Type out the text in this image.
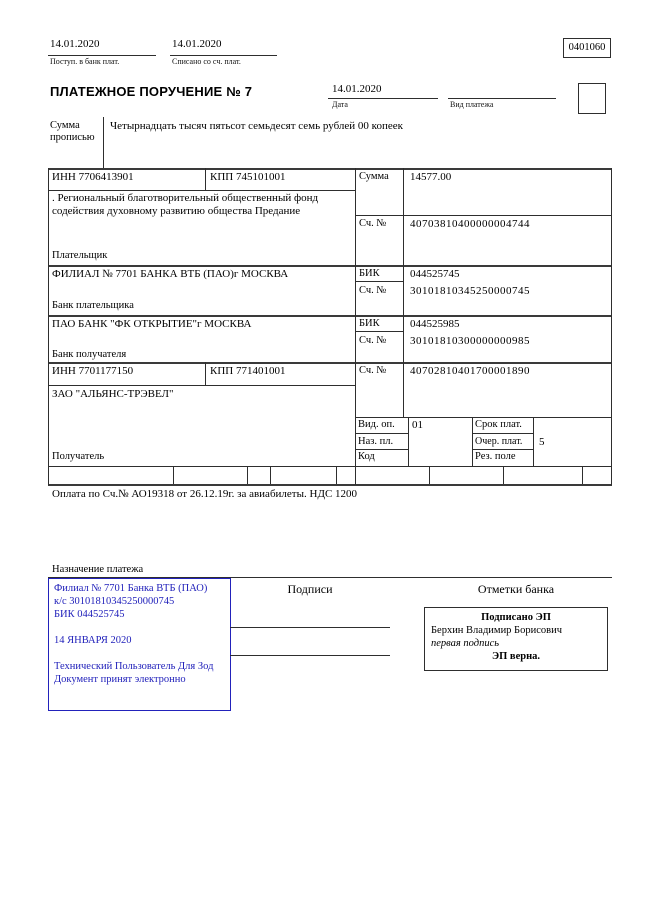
14.01.2020
Поступ. в банк плат.
14.01.2020
Списано со сч. плат.
0401060
ПЛАТЕЖНОЕ ПОРУЧЕНИЕ № 7	14.01.2020
Дата	Вид платежа
Сумма прописью
Четырнадцать тысяч пятьсот семьдесят семь рублей 00 копеек
ИНН 7706413901	КПП 745101001
. Региональный благотворительный общественный фонд содействия духовному развитию общества Предание
Плательщик
Сумма 14577.00
Сч. № 40703810400000004744
ФИЛИАЛ № 7701 БАНКА ВТБ (ПАО)г МОСКВА	БИК	044525745
Сч. № 30101810345250000745
Банк плательщика
ПАО БАНК "ФК ОТКРЫТИЕ"г МОСКВА	БИК	044525985
Сч. № 30101810300000000985
Банк получателя
ИНН 7701177150	КПП 771401001	Сч. № 40702810401700001890
ЗАО "АЛЬЯНС-ТРЭВЕЛ"
Получатель
Вид. оп. 01	Срок плат.
Наз. пл.	Очер. плат. 5
Код	Рез. поле
Оплата по Сч.№ АО19318 от 26.12.19г. за авиабилеты. НДС 1200
Назначение платежа
Филиал № 7701 Банка ВТБ (ПАО)
к/с 30101810345250000745
БИК 044525745
14 ЯНВАРЯ 2020
Технический Пользователь Для Зод
Документ принят электронно
Подписи	Отметки банка
Подписано ЭП
Берхин Владимир Борисович
первая подпись
ЭП верна.
